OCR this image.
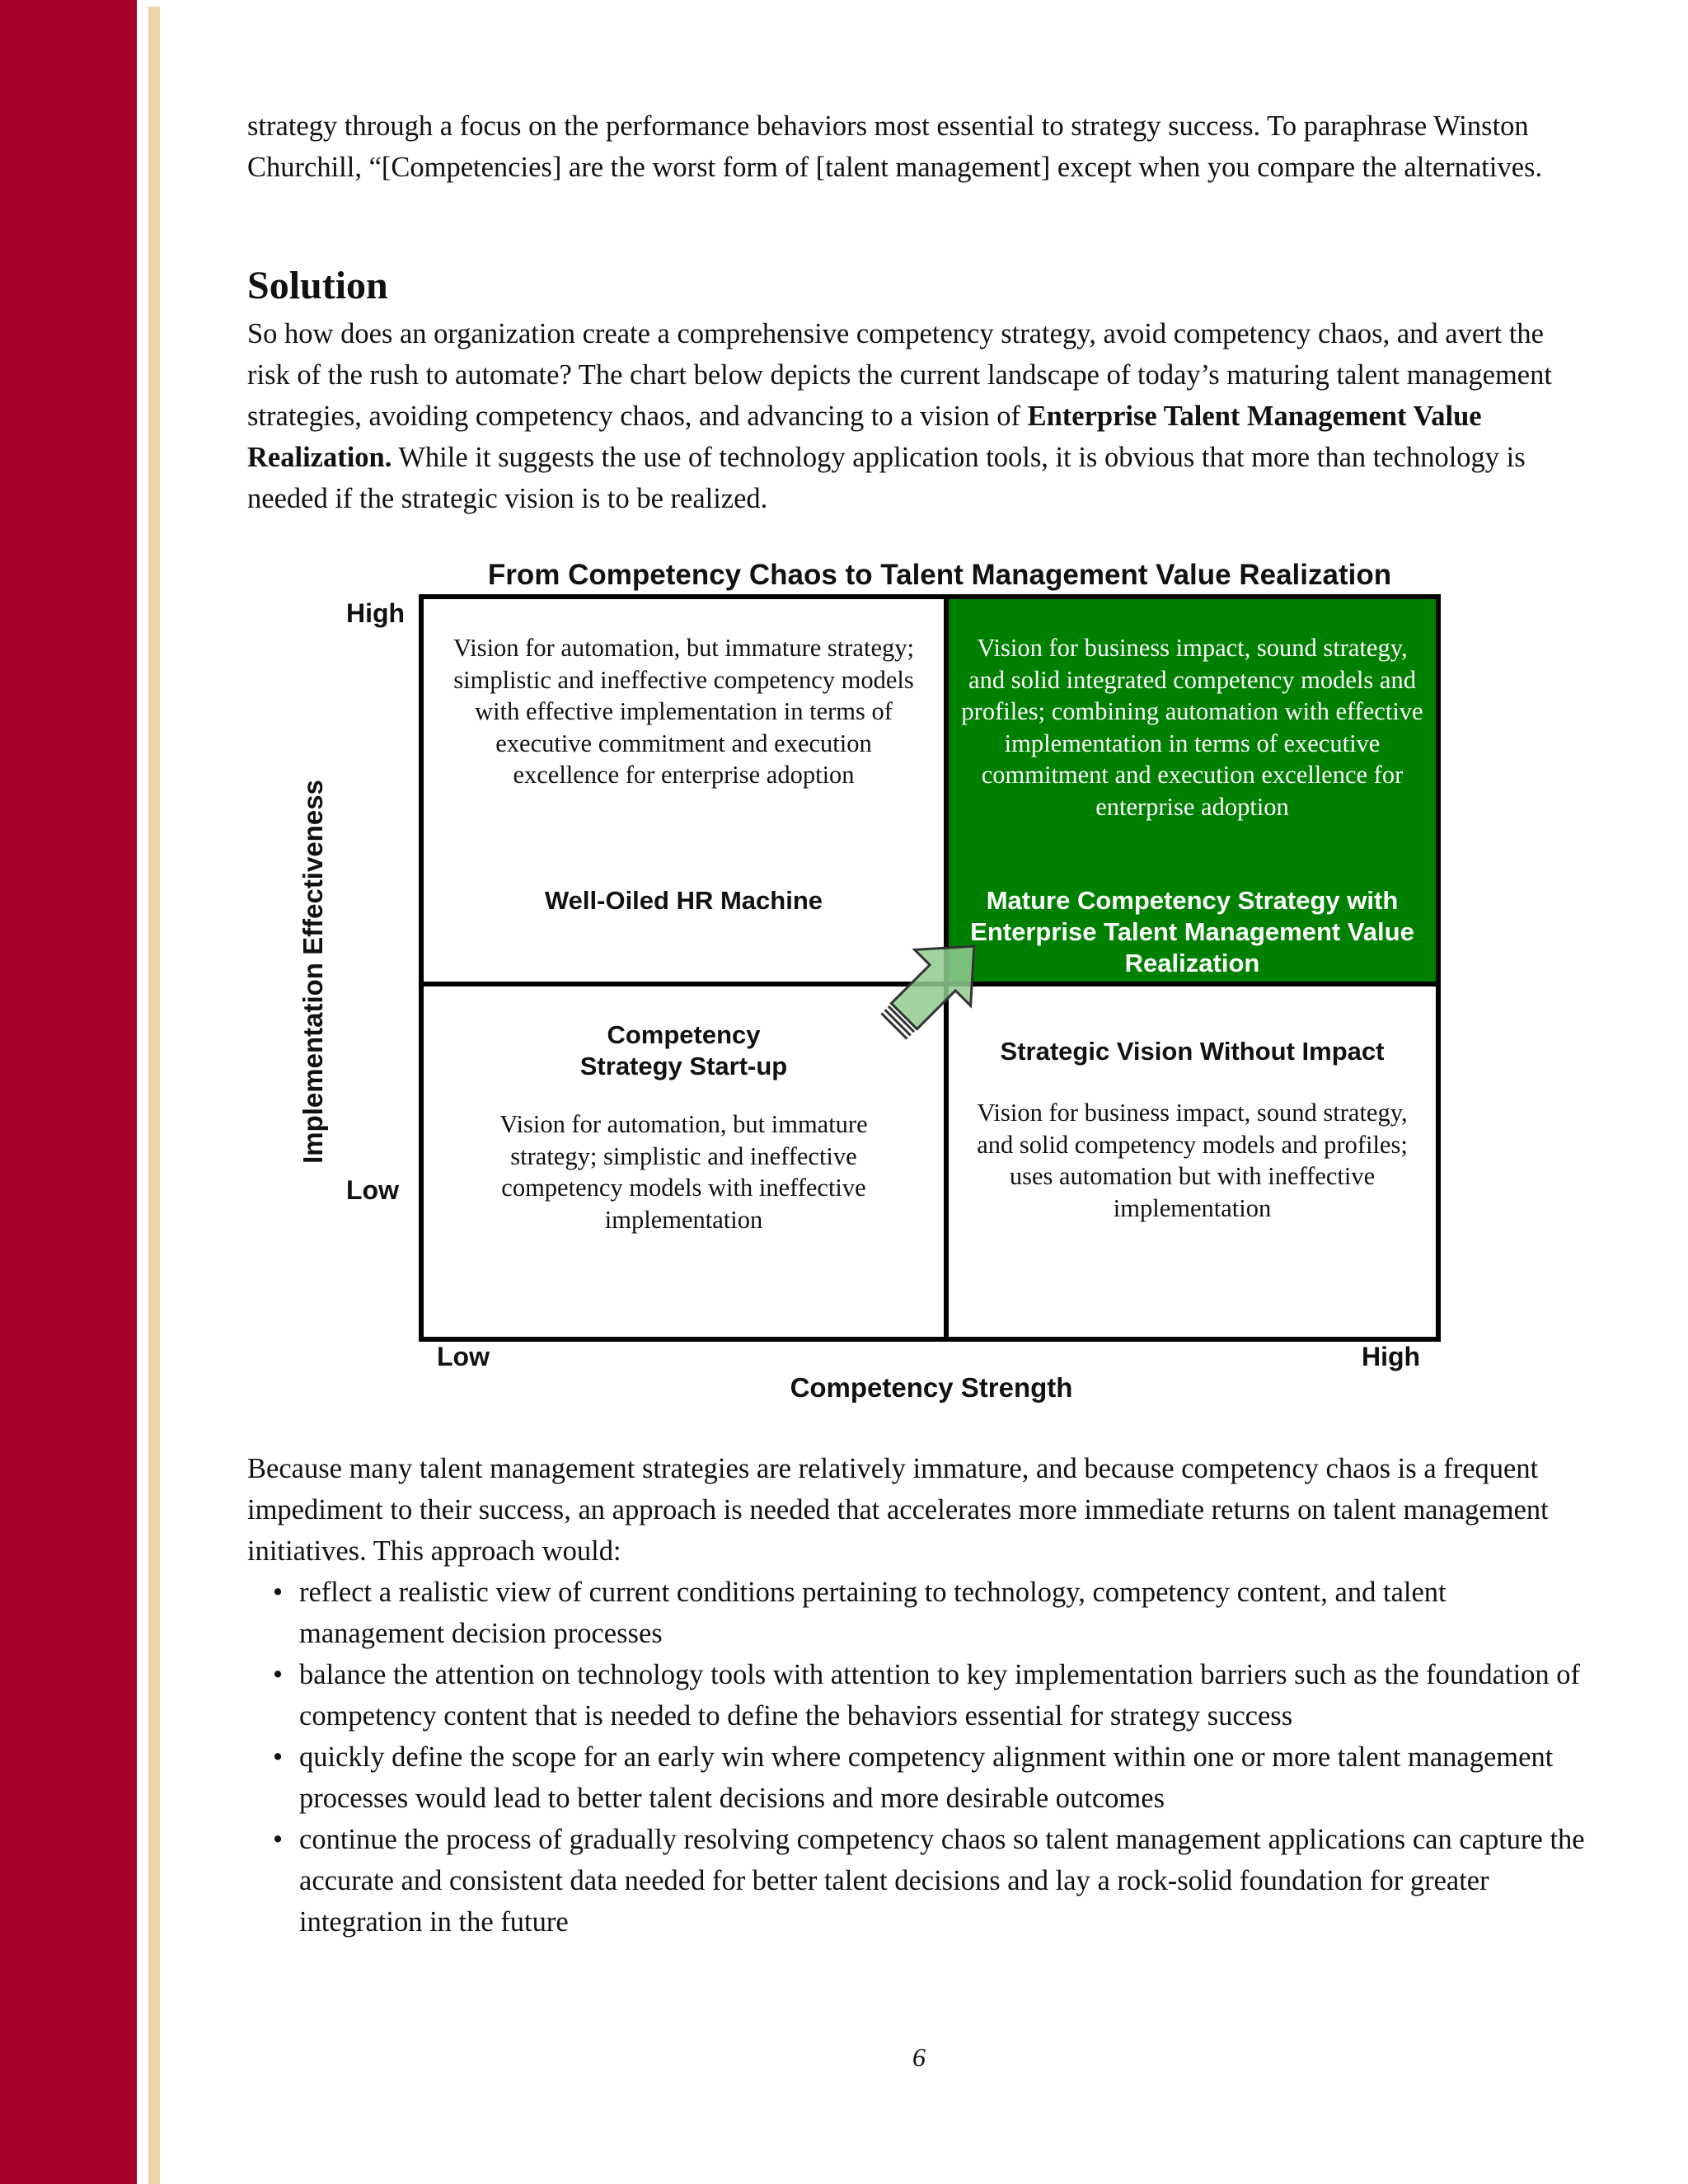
strategy through a focus on the performance behaviors most essential to strategy success. To paraphrase Winston Churchill, “[Competencies] are the worst form of [talent management] except when you compare the alternatives.

Solution

So how does an organization create a comprehensive competency strategy, avoid competency chaos, and avert the risk of the rush to automate? The chart below depicts the current landscape of today’s maturing talent management strategies, avoiding competency chaos, and advancing to a vision of Enterprise Talent Management Value Realization. While it suggests the use of technology application tools, it is obvious that more than technology is needed if the strategic vision is to be realized.

From Competency Chaos to Talent Management Value Realization
High
Low
Low	High
Competency Strength
Implementation Effectiveness
Vision for automation, but immature strategy; simplistic and ineffective competency models with effective implementation in terms of executive commitment and execution excellence for enterprise adoption
Well-Oiled HR Machine
Vision for business impact, sound strategy, and solid integrated competency models and profiles; combining automation with effective implementation in terms of executive commitment and execution excellence for enterprise adoption
Mature Competency Strategy with Enterprise Talent Management Value Realization
Competency Strategy Start-up
Vision for automation, but immature strategy; simplistic and ineffective competency models with ineffective implementation
Strategic Vision Without Impact
Vision for business impact, sound strategy, and solid competency models and profiles; uses automation but with ineffective implementation

Because many talent management strategies are relatively immature, and because competency chaos is a frequent impediment to their success, an approach is needed that accelerates more immediate returns on talent management initiatives. This approach would:

• reflect a realistic view of current conditions pertaining to technology, competency content, and talent management decision processes
• balance the attention on technology tools with attention to key implementation barriers such as the foundation of competency content that is needed to define the behaviors essential for strategy success
• quickly define the scope for an early win where competency alignment within one or more talent management processes would lead to better talent decisions and more desirable outcomes
• continue the process of gradually resolving competency chaos so talent management applications can capture the accurate and consistent data needed for better talent decisions and lay a rock-solid foundation for greater integration in the future
6
